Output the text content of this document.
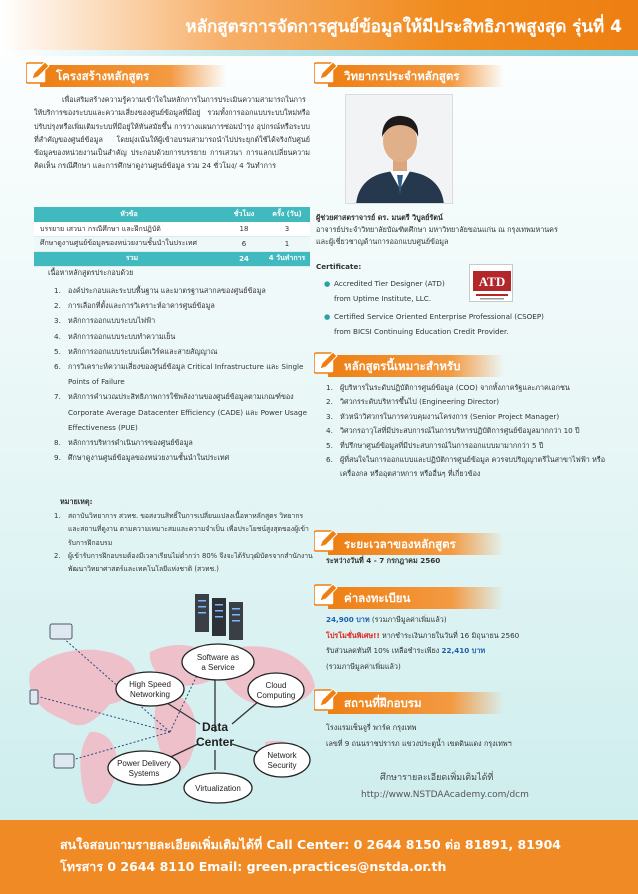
หลักสูตรการจัดการศูนย์ข้อมูลให้มีประสิทธิภาพสูงสุด รุ่นที่ 4
โครงสร้างหลักสูตร
เพื่อเสริมสร้างความรู้ความเข้าใจในหลักการในการประเมินความสามารถในการให้บริการของระบบและความเสี่ยงของศูนย์ข้อมูลที่มีอยู่ รวมทั้งการออกแบบระบบใหม่หรือปรับปรุงหรือเพิ่มเติมระบบที่มีอยู่ให้ทันสมัยขึ้น การวางแผนการซ่อมบำรุง อุปกรณ์หรือระบบที่สำคัญของศูนย์ข้อมูล โดยมุ่งเน้นให้ผู้เข้าอบรมสามารถนำไปประยุกต์ใช้ได้จริงกับศูนย์ข้อมูลของหน่วยงานเป็นสำคัญ ประกอบด้วยการบรรยาย การเสวนา การแลกเปลี่ยนความคิดเห็น กรณีศึกษา และการศึกษาดูงานศูนย์ข้อมูล รวม 24 ชั่วโมง/ 4 วันทำการ
หัวข้อ	ชั่วโมง	ครั้ง (วัน)
บรรยาย เสวนา กรณีศึกษา และฝึกปฏิบัติ	18	3
ศึกษาดูงานศูนย์ข้อมูลของหน่วยงานชั้นนำในประเทศ	6	1
รวม	24	4 วันทำการ
เนื้อหาหลักสูตรประกอบด้วย
1. องค์ประกอบและระบบพื้นฐาน และมาตรฐานสากลของศูนย์ข้อมูล
2. การเลือกที่ตั้งและการวิเคราะห์อาคารศูนย์ข้อมูล
3. หลักการออกแบบระบบไฟฟ้า
4. หลักการออกแบบระบบทำความเย็น
5. หลักการออกแบบระบบเน็ตเวิร์คและสายสัญญาณ
6. การวิเคราะห์ความเสี่ยงของศูนย์ข้อมูล Critical Infrastructure และ Single Points of Failure
7. หลักการคำนวณประสิทธิภาพการใช้พลังงานของศูนย์ข้อมูลตามเกณฑ์ของ Corporate Average Datacenter Efficiency (CADE) และ Power Usage Effectiveness (PUE)
8. หลักการบริหารดำเนินการของศูนย์ข้อมูล
9. ศึกษาดูงานศูนย์ข้อมูลของหน่วยงานชั้นนำในประเทศ
หมายเหตุ:
1.	สถาบันวิทยาการ สวทช. ขอสงวนสิทธิ์ในการเปลี่ยนแปลงเนื้อหาหลักสูตร วิทยากร และสถานที่ดูงาน ตามความเหมาะสมและความจำเป็น เพื่อประโยชน์สูงสุดของผู้เข้ารับการฝึกอบรม
2.	ผู้เข้ารับการฝึกอบรมต้องมีเวลาเรียนไม่ต่ำกว่า 80% จึงจะได้รับวุฒิบัตรจากสำนักงานพัฒนาวิทยาศาสตร์และเทคโนโลยีแห่งชาติ (สวทช.)
Software as
a Service
High Speed
Networking
Cloud
Computing
Power Delivery
Systems
Network
Security
Virtualization
Data
Center
วิทยากรประจำหลักสูตร
ผู้ช่วยศาสตราจารย์ ดร. มนตรี วิบูลย์รัตน์
อาจารย์ประจำวิทยาลัยบัณฑิตศึกษา มหาวิทยาลัยขอนแก่น ณ กรุงเทพมหานคร
และผู้เชี่ยวชาญด้านการออกแบบศูนย์ข้อมูล
Certificate:
ATD
● Accredited Tier Designer (ATD)
from Uptime Institute, LLC.
● Certified Service Oriented Enterprise Professional (CSOEP)
from BICSI Continuing Education Credit Provider.
หลักสูตรนี้เหมาะสำหรับ
1. ผู้บริหารในระดับปฏิบัติการศูนย์ข้อมูล (COO) จากทั้งภาครัฐและภาคเอกชน
2. วิศวกรระดับบริหารขึ้นไป (Engineering Director)
3. หัวหน้าวิศวกรในการควบคุมงานโครงการ (Senior Project Manager)
4. วิศวกรอาวุโสที่มีประสบการณ์ในการบริหารปฏิบัติการศูนย์ข้อมูลมากกว่า 10 ปี
5. ที่ปรึกษาศูนย์ข้อมูลที่มีประสบการณ์ในการออกแบบมามากกว่า 5 ปี
6. ผู้ที่สนใจในการออกแบบและปฏิบัติการศูนย์ข้อมูล ควรจบปริญญาตรีในสาขาไฟฟ้า หรือเครื่องกล หรืออุตสาหการ หรืออื่นๆ ที่เกี่ยวข้อง
ระยะเวลาของหลักสูตร
ระหว่างวันที่ 4 - 7 กรกฎาคม 2560
ค่าลงทะเบียน
24,900 บาท (รวมภาษีมูลค่าเพิ่มแล้ว)
โปรโมชั่นพิเศษ!! หากชำระเงินภายในวันที่ 16 มิถุนายน 2560
รับส่วนลดทันที 10% เหลือชำระเพียง 22,410 บาท
(รวมภาษีมูลค่าเพิ่มแล้ว)
สถานที่ฝึกอบรม
โรงแรมเซ็นจูรี่ พาร์ค กรุงเทพ
เลขที่ 9 ถนนราชปรารภ แขวงประตูน้ำ เขตดินแดง กรุงเทพฯ
ศึกษารายละเอียดเพิ่มเติมได้ที่
http://www.NSTDAAcademy.com/dcm
สนใจสอบถามรายละเอียดเพิ่มเติมได้ที่ Call Center: 0 2644 8150 ต่อ 81891, 81904
โทรสาร 0 2644 8110 Email: green.practices@nstda.or.th
